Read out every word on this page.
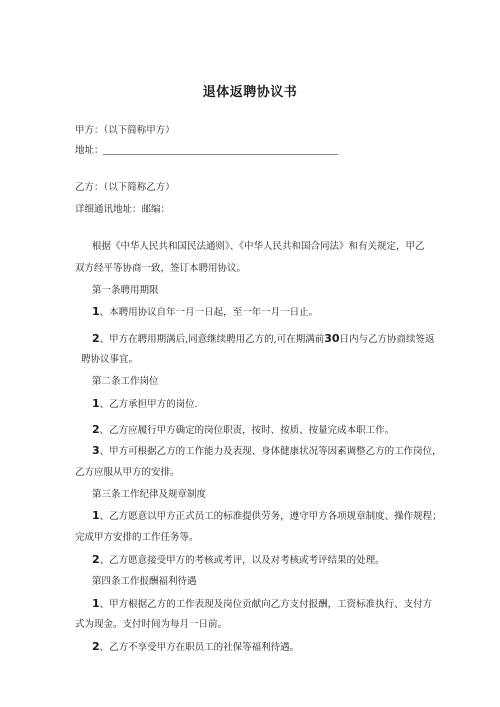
退体返聘协议书
甲方：（以下简称甲方）
地址：
乙方：（以下简称乙方）
详细通讯地址：邮编：
根据《中华人民共和国民法通则》、《中华人民共和国合同法》和有关规定，甲乙
双方经平等协商一致，签订本聘用协议。
第一条聘用期限
1、本聘用协议自年一月一日起，至一年一月一日止。
2、甲方在聘用期满后,同意继续聘用乙方的,可在期满前30日内与乙方协商续签返
聘协议事宜。
第二条工作岗位
1、乙方承担甲方的岗位.
2、乙方应履行甲方确定的岗位职责，按时、按质、按量完成本职工作。
3、甲方可根据乙方的工作能力及表现、身体健康状况等因素调整乙方的工作岗位，
乙方应服从甲方的安排。
第三条工作纪律及规章制度
1、乙方愿意以甲方正式员工的标准提供劳务，遵守甲方各项规章制度、操作规程；
完成甲方安排的工作任务等。
2、乙方愿意接受甲方的考核或考评，以及对考核或考评结果的处理。
第四条工作报酬福利待遇
1、甲方根据乙方的工作表现及岗位贡献向乙方支付报酬，工资标准执行、支付方
式为现金。支付时间为每月一日前。
2、乙方不享受甲方在职员工的社保等福利待遇。
